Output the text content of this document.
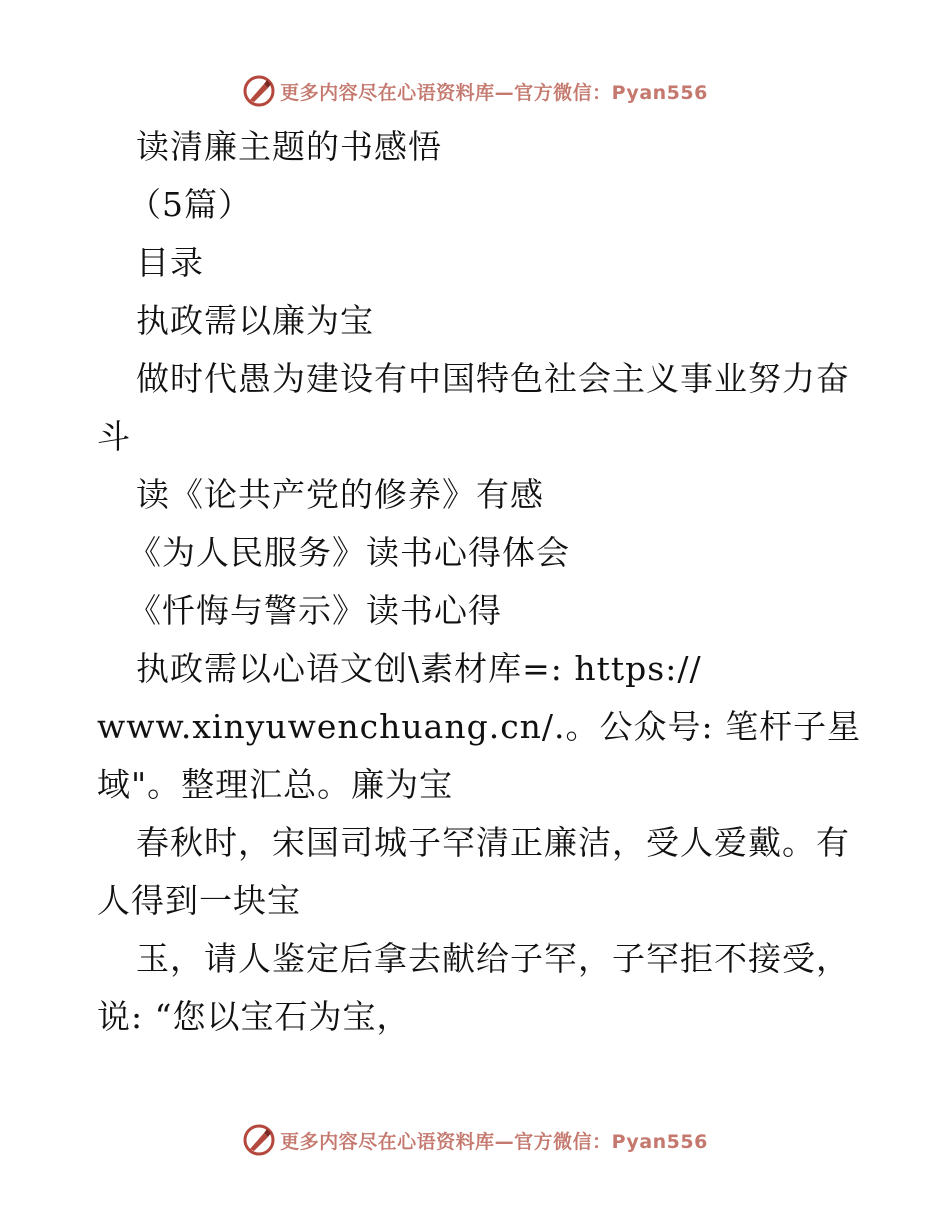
更多内容尽在心语资料库—官方微信：Pyan556
读清廉主题的书感悟
（5篇）
目录
执政需以廉为宝
做时代愚为建设有中国特色社会主义事业努力奋
斗
读《论共产党的修养》有感
《为人民服务》读书心得体会
《忏悔与警示》读书心得
执政需以心语文创\素材库=: https://
www.xinyuwenchuang.cn/.。公众号: 笔杆子星
域"。整理汇总。廉为宝
春秋时，宋国司城子罕清正廉洁，受人爱戴。有
人得到一块宝
玉，请人鉴定后拿去献给子罕，子罕拒不接受，
说: “您以宝石为宝，
更多内容尽在心语资料库—官方微信：Pyan556
